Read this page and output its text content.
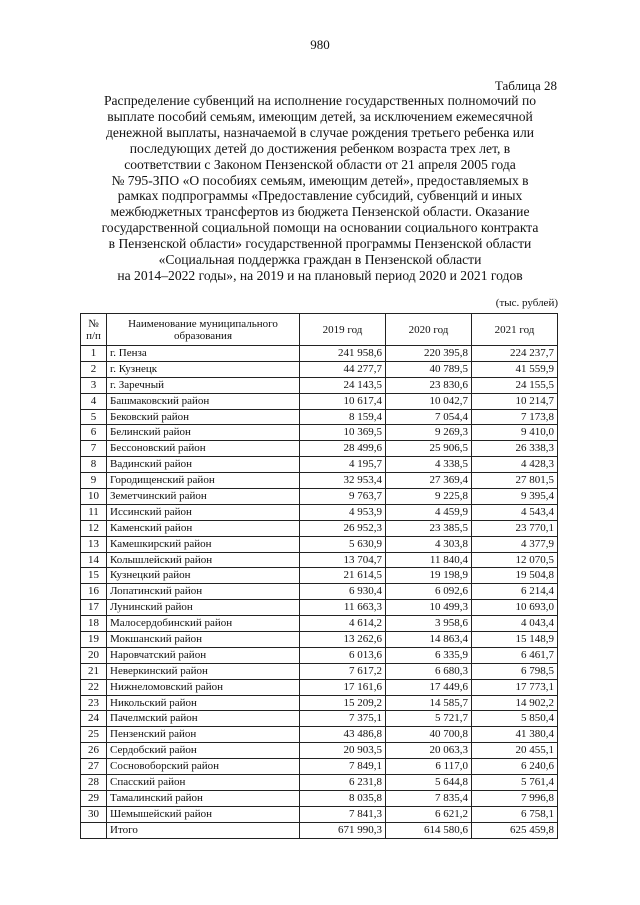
980
Таблица 28
Распределение субвенций на исполнение государственных полномочий по
выплате пособий семьям, имеющим детей, за исключением ежемесячной
денежной выплаты, назначаемой в случае рождения третьего ребенка или
последующих детей до достижения ребенком возраста трех лет, в
соответствии с Законом Пензенской области от 21 апреля 2005 года
№ 795-ЗПО «О пособиях семьям, имеющим детей», предоставляемых в
рамках подпрограммы «Предоставление субсидий, субвенций и иных
межбюджетных трансфертов из бюджета Пензенской области. Оказание
государственной социальной помощи на основании социального контракта
в Пензенской области» государственной программы Пензенской области
«Социальная поддержка граждан в Пензенской области
на 2014–2022 годы», на 2019 и на плановый период 2020 и 2021 годов
(тыс. рублей)
№ п/п	Наименование муниципального образования	2019 год	2020 год	2021 год
1	г. Пенза	241 958,6	220 395,8	224 237,7
2	г. Кузнецк	44 277,7	40 789,5	41 559,9
3	г. Заречный	24 143,5	23 830,6	24 155,5
4	Башмаковский район	10 617,4	10 042,7	10 214,7
5	Бековский район	8 159,4	7 054,4	7 173,8
6	Белинский район	10 369,5	9 269,3	9 410,0
7	Бессоновский район	28 499,6	25 906,5	26 338,3
8	Вадинский район	4 195,7	4 338,5	4 428,3
9	Городищенский район	32 953,4	27 369,4	27 801,5
10	Земетчинский район	9 763,7	9 225,8	9 395,4
11	Иссинский район	4 953,9	4 459,9	4 543,4
12	Каменский район	26 952,3	23 385,5	23 770,1
13	Камешкирский район	5 630,9	4 303,8	4 377,9
14	Колышлейский район	13 704,7	11 840,4	12 070,5
15	Кузнецкий район	21 614,5	19 198,9	19 504,8
16	Лопатинский район	6 930,4	6 092,6	6 214,4
17	Лунинский район	11 663,3	10 499,3	10 693,0
18	Малосердобинский район	4 614,2	3 958,6	4 043,4
19	Мокшанский район	13 262,6	14 863,4	15 148,9
20	Наровчатский район	6 013,6	6 335,9	6 461,7
21	Неверкинский район	7 617,2	6 680,3	6 798,5
22	Нижнеломовский район	17 161,6	17 449,6	17 773,1
23	Никольский район	15 209,2	14 585,7	14 902,2
24	Пачелмский район	7 375,1	5 721,7	5 850,4
25	Пензенский район	43 486,8	40 700,8	41 380,4
26	Сердобский район	20 903,5	20 063,3	20 455,1
27	Сосновоборский район	7 849,1	6 117,0	6 240,6
28	Спасский район	6 231,8	5 644,8	5 761,4
29	Тамалинский район	8 035,8	7 835,4	7 996,8
30	Шемышейский район	7 841,3	6 621,2	6 758,1
	Итого	671 990,3	614 580,6	625 459,8
